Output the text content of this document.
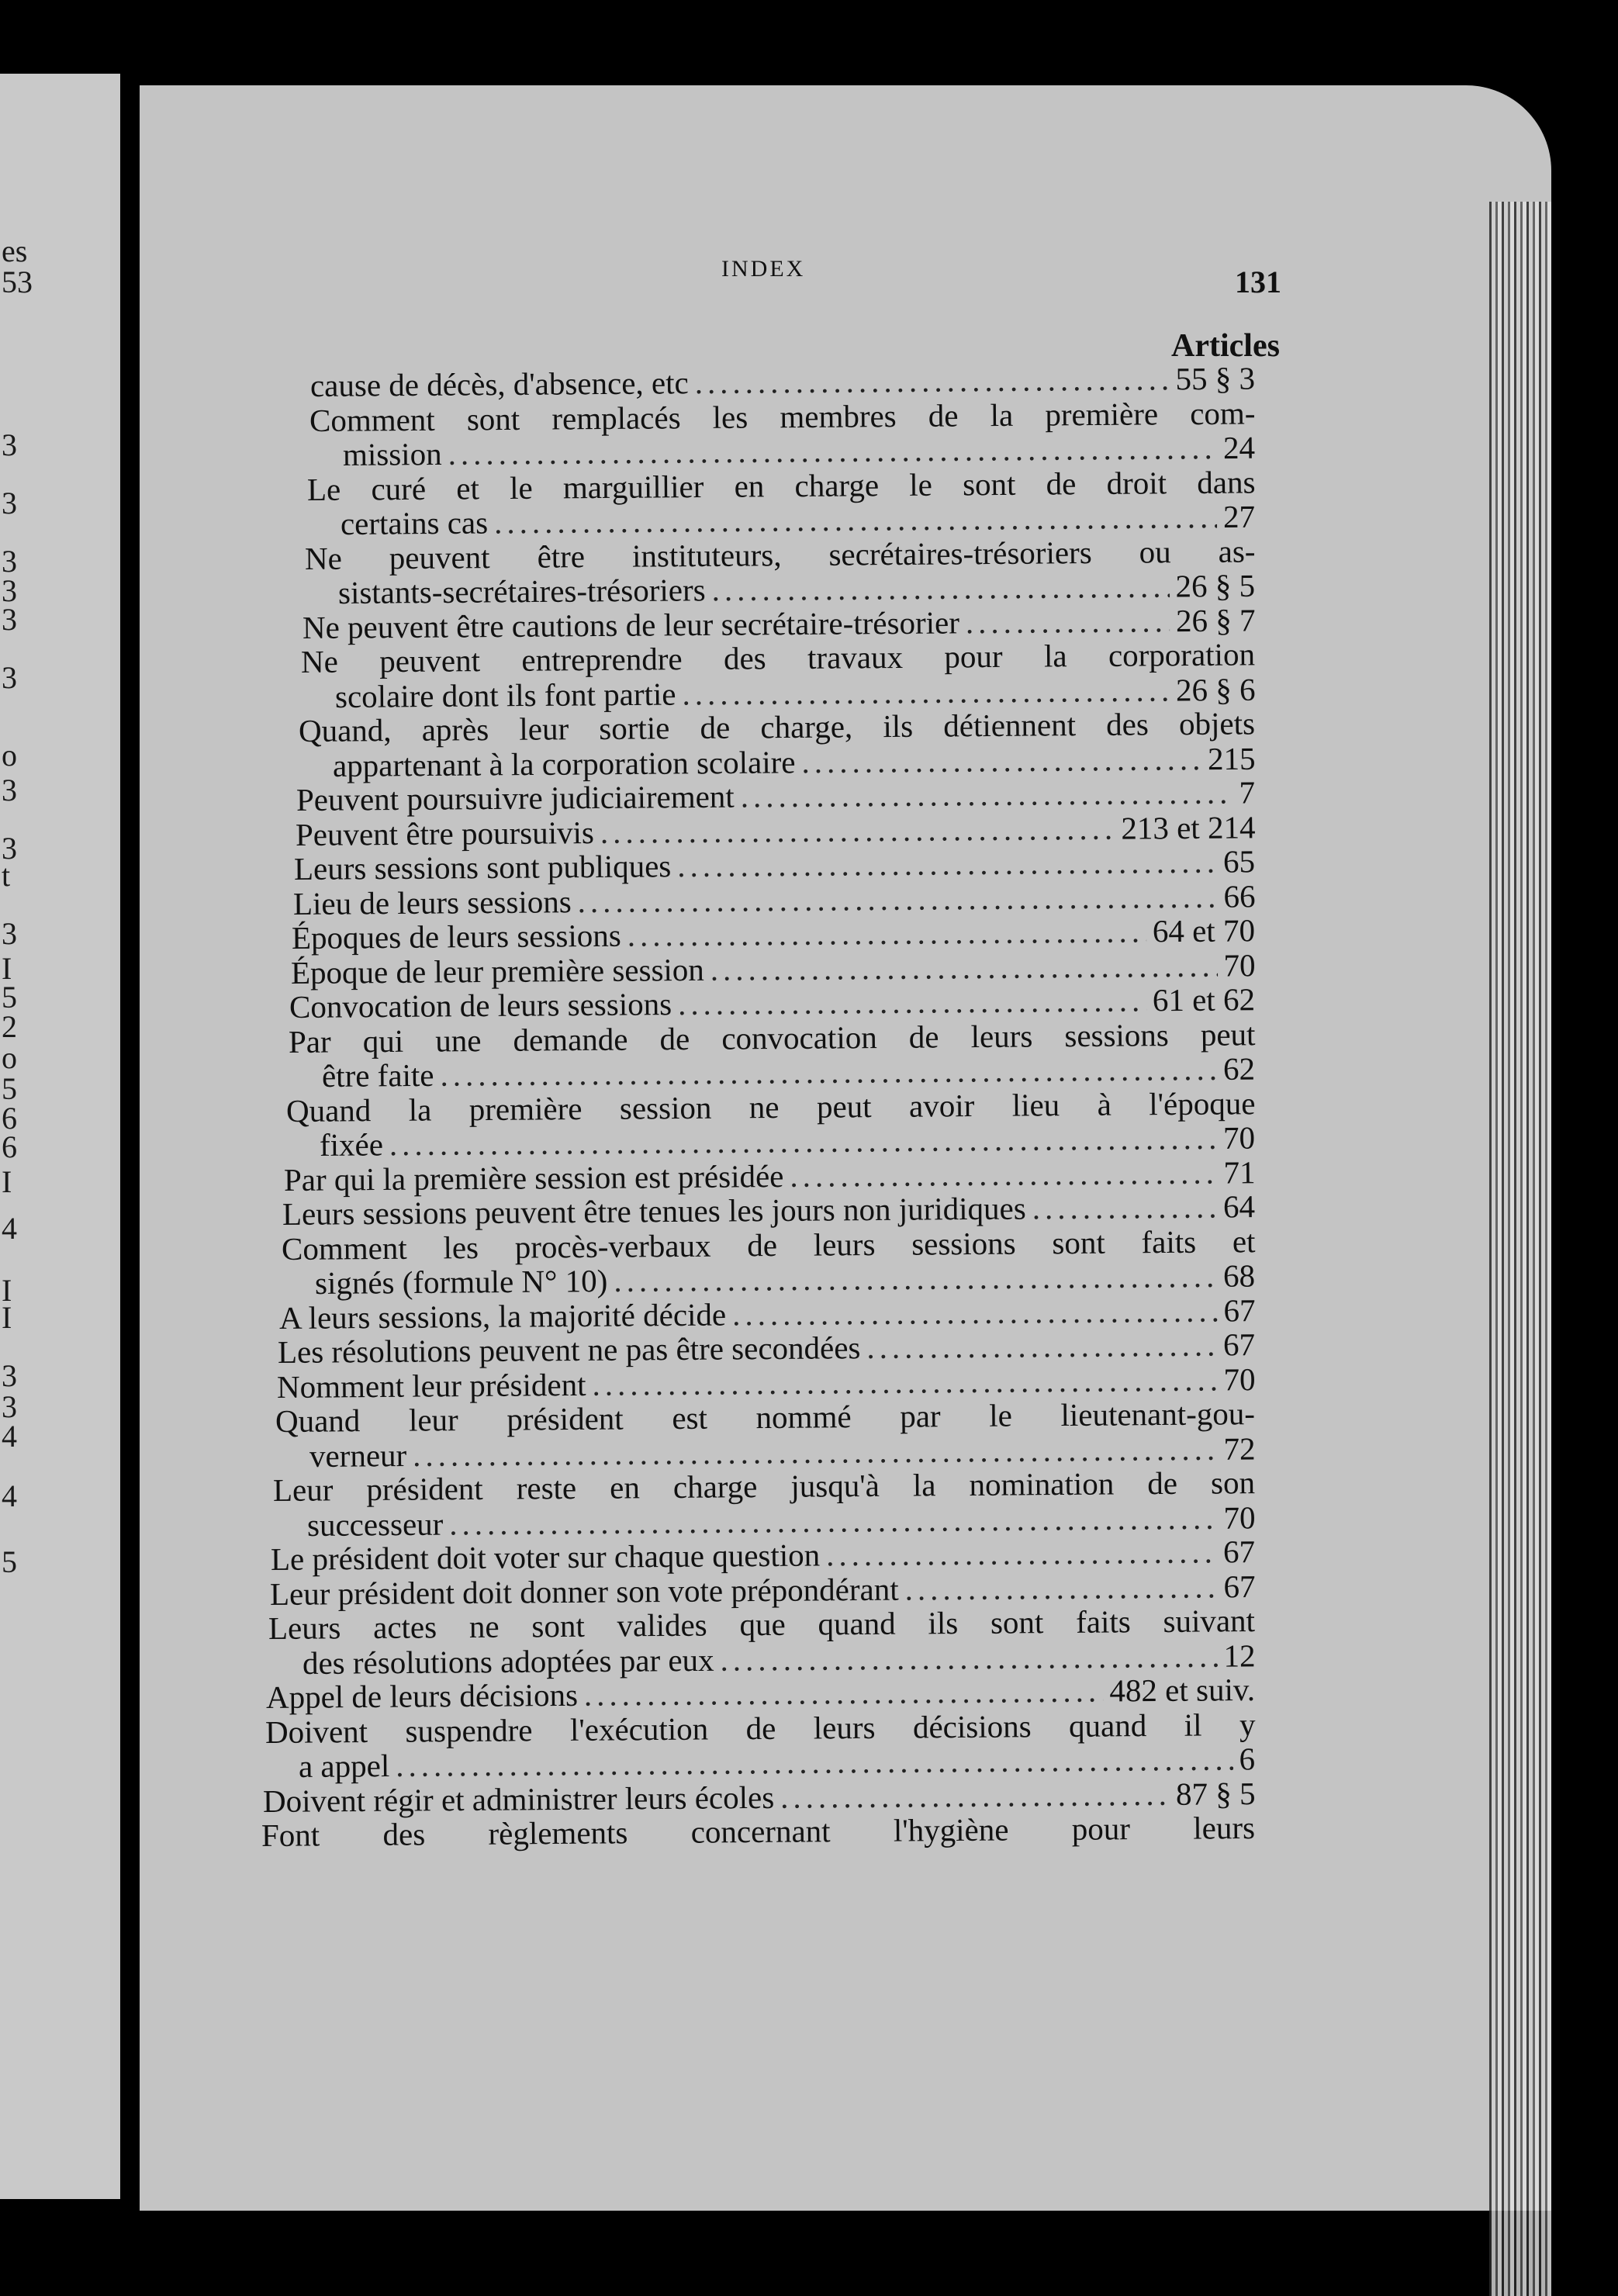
es
53
3
3
3
3
3
3
o
3
3
t
3
I
5
2
o
5
6
6
I
4
I
I
3
3
4
4
5
INDEX	131
Articles
cause de décès, d'absence, etc .....	55 § 3
Comment sont remplacés les membres de la première com-
mission .....	24
Le curé et le marguillier en charge le sont de droit dans
certains cas .....	27
Ne peuvent être instituteurs, secrétaires-trésoriers ou as-
sistants-secrétaires-trésoriers .....	26 § 5
Ne peuvent être cautions de leur secrétaire-trésorier .....	26 § 7
Ne peuvent entreprendre des travaux pour la corporation
scolaire dont ils font partie .....	26 § 6
Quand, après leur sortie de charge, ils détiennent des objets
appartenant à la corporation scolaire .....	215
Peuvent poursuivre judiciairement .....	7
Peuvent être poursuivis .....	213 et 214
Leurs sessions sont publiques .....	65
Lieu de leurs sessions .....	66
Époques de leurs sessions .....	64 et 70
Époque de leur première session .....	70
Convocation de leurs sessions .....	61 et 62
Par qui une demande de convocation de leurs sessions peut
être faite .....	62
Quand la première session ne peut avoir lieu à l'époque
fixée .....	70
Par qui la première session est présidée .....	71
Leurs sessions peuvent être tenues les jours non juridiques .....	64
Comment les procès-verbaux de leurs sessions sont faits et
signés (formule N° 10) .....	68
A leurs sessions, la majorité décide .....	67
Les résolutions peuvent ne pas être secondées .....	67
Nomment leur président .....	70
Quand leur président est nommé par le lieutenant-gou-
verneur .....	72
Leur président reste en charge jusqu'à la nomination de son
successeur .....	70
Le président doit voter sur chaque question .....	67
Leur président doit donner son vote prépondérant .....	67
Leurs actes ne sont valides que quand ils sont faits suivant
des résolutions adoptées par eux .....	12
Appel de leurs décisions .....	482 et suiv.
Doivent suspendre l'exécution de leurs décisions quand il y
a appel .....	6
Doivent régir et administrer leurs écoles .....	87 § 5
Font des règlements concernant l'hygiène pour leurs
